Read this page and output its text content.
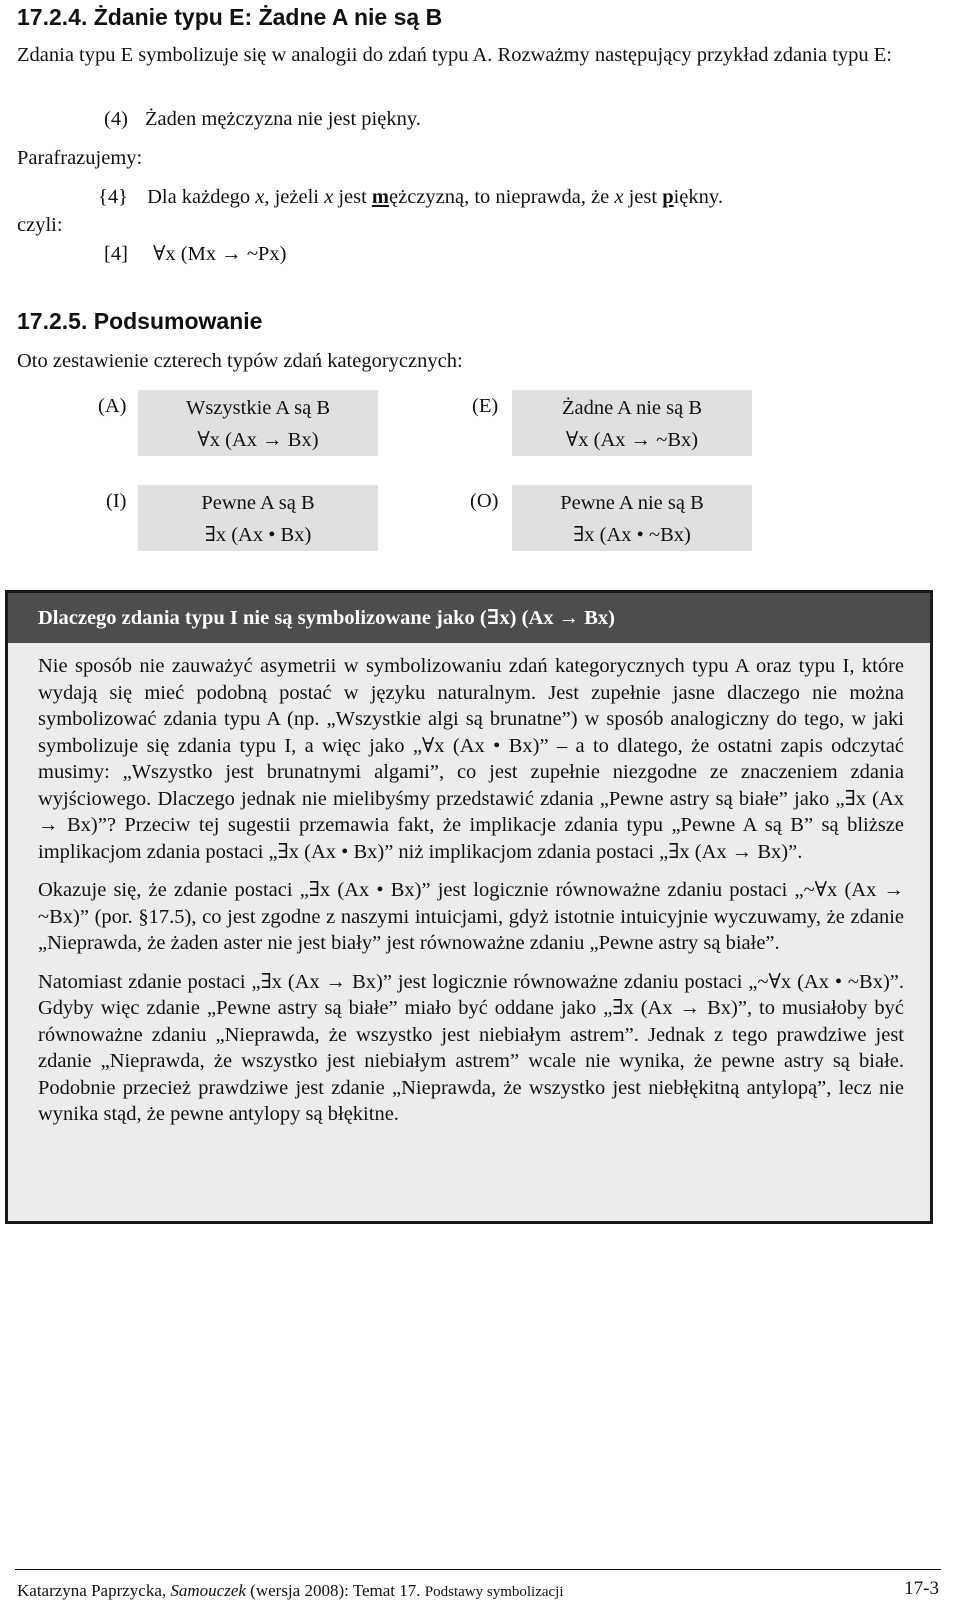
17.2.4. Żdanie typu E: Żadne A nie są B
Zdania typu E symbolizuje się w analogii do zdań typu A. Rozważmy następujący przykład zdania typu E:
(4) Żaden mężczyzna nie jest piękny.
Parafrazujemy:
{4} Dla każdego x, jeżeli x jest mężczyzną, to nieprawda, że x jest piękny.
czyli:
[4] ∀x (Mx → ~Px)
17.2.5. Podsumowanie
Oto zestawienie czterech typów zdań kategorycznych:
(A)	Wszystkie A są B
∀x (Ax → Bx)
(E)	Żadne A nie są B
∀x (Ax → ~Bx)
(I)	Pewne A są B
∃x (Ax • Bx)
(O)	Pewne A nie są B
∃x (Ax • ~Bx)
Dlaczego zdania typu I nie są symbolizowane jako (∃x) (Ax → Bx)

Nie sposób nie zauważyć asymetrii w symbolizowaniu zdań kategorycznych typu A oraz typu I, które wydają się mieć podobną postać w języku naturalnym. Jest zupełnie jasne dlaczego nie można symbolizować zdania typu A (np. „Wszystkie algi są brunatne”) w sposób analogiczny do tego, w jaki symbolizuje się zdania typu I, a więc jako „∀x (Ax • Bx)” – a to dlatego, że ostatni zapis odczytać musimy: „Wszystko jest brunatnymi algami”, co jest zupełnie niezgodne ze znaczeniem zdania wyjściowego. Dlaczego jednak nie mielibyśmy przedstawić zdania „Pewne astry są białe” jako „∃x (Ax → Bx)”? Przeciw tej sugestii przemawia fakt, że implikacje zdania typu „Pewne A są B” są bliższe implikacjom zdania postaci „∃x (Ax • Bx)” niż implikacjom zdania postaci „∃x (Ax → Bx)”.

Okazuje się, że zdanie postaci „∃x (Ax • Bx)” jest logicznie równoważne zdaniu postaci „~∀x (Ax → ~Bx)” (por. §17.5), co jest zgodne z naszymi intuicjami, gdyż istotnie intuicyjnie wyczuwamy, że zdanie „Nieprawda, że żaden aster nie jest biały” jest równoważne zdaniu „Pewne astry są białe”.

Natomiast zdanie postaci „∃x (Ax → Bx)” jest logicznie równoważne zdaniu postaci „~∀x (Ax • ~Bx)”. Gdyby więc zdanie „Pewne astry są białe” miało być oddane jako „∃x (Ax → Bx)”, to musiałoby być równoważne zdaniu „Nieprawda, że wszystko jest niebiałym astrem”. Jednak z tego prawdziwe jest zdanie „Nieprawda, że wszystko jest niebiałym astrem” wcale nie wynika, że pewne astry są białe. Podobnie przecież prawdziwe jest zdanie „Nieprawda, że wszystko jest niebłękitną antylopą”, lecz nie wynika stąd, że pewne antylopy są błękitne.

Katarzyna Paprzycka, Samouczek (wersja 2008): Temat 17. Podstawy symbolizacji	17-3
